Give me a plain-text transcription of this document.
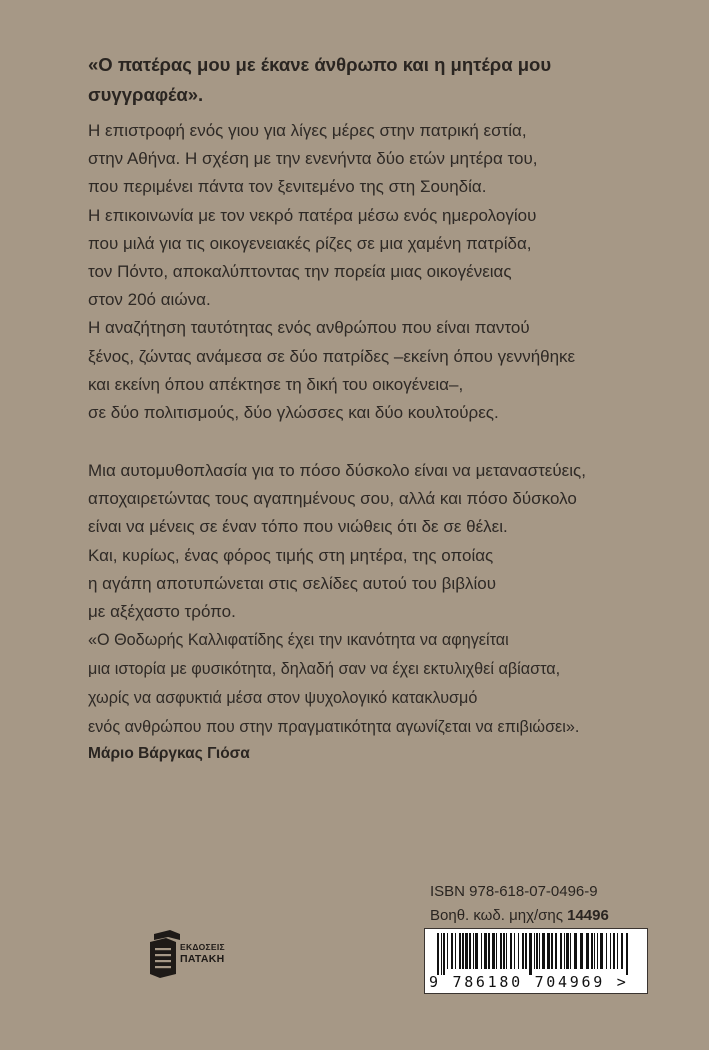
«Ο πατέρας μου με έκανε άνθρωπο και η μητέρα μου
συγγραφέα».
Η επιστροφή ενός γιου για λίγες μέρες στην πατρική εστία,
στην Αθήνα. Η σχέση με την ενενήντα δύο ετών μητέρα του,
που περιμένει πάντα τον ξενιτεμένο της στη Σουηδία.
Η επικοινωνία με τον νεκρό πατέρα μέσω ενός ημερολογίου
που μιλά για τις οικογενειακές ρίζες σε μια χαμένη πατρίδα,
τον Πόντο, αποκαλύπτοντας την πορεία μιας οικογένειας
στον 20ό αιώνα.
Η αναζήτηση ταυτότητας ενός ανθρώπου που είναι παντού
ξένος, ζώντας ανάμεσα σε δύο πατρίδες –εκείνη όπου γεννήθηκε
και εκείνη όπου απέκτησε τη δική του οικογένεια–,
σε δύο πολιτισμούς, δύο γλώσσες και δύο κουλτούρες.
Μια αυτομυθοπλασία για το πόσο δύσκολο είναι να μεταναστεύεις,
αποχαιρετώντας τους αγαπημένους σου, αλλά και πόσο δύσκολο
είναι να μένεις σε έναν τόπο που νιώθεις ότι δε σε θέλει.
Και, κυρίως, ένας φόρος τιμής στη μητέρα, της οποίας
η αγάπη αποτυπώνεται στις σελίδες αυτού του βιβλίου
με αξέχαστο τρόπο.
«Ο Θοδωρής Καλλιφατίδης έχει την ικανότητα να αφηγείται
μια ιστορία με φυσικότητα, δηλαδή σαν να έχει εκτυλιχθεί αβίαστα,
χωρίς να ασφυκτιά μέσα στον ψυχολογικό κατακλυσμό
ενός ανθρώπου που στην πραγματικότητα αγωνίζεται να επιβιώσει».
Μάριο Βάργκας Γιόσα
ΕΚΔΟΣΕΙΣ
ΠΑΤΑΚΗ
ISBN 978-618-07-0496-9
Βοηθ. κωδ. μηχ/σης 14496
9 786180 704969 >
